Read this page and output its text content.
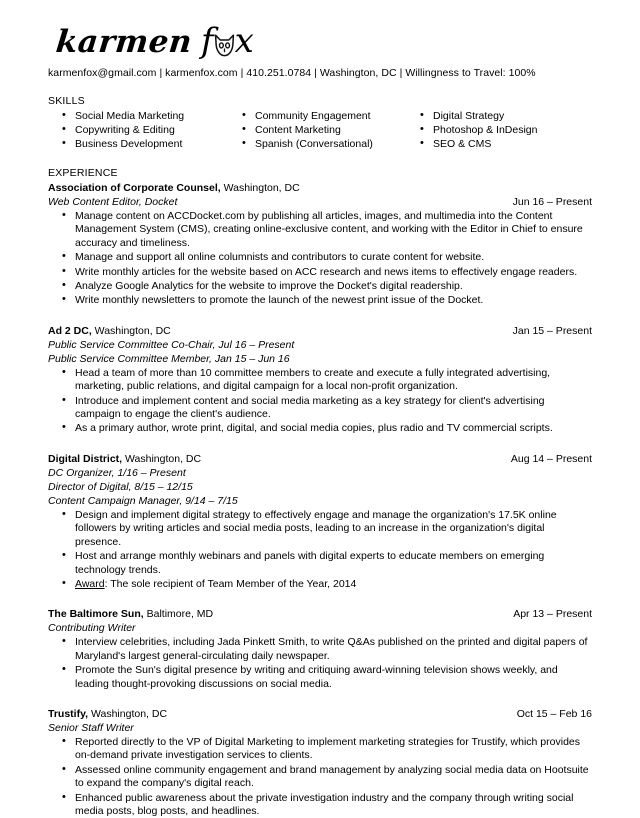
karmen f x
karmenfox@gmail.com | karmenfox.com | 410.251.0784 | Washington, DC | Willingness to Travel: 100%
SKILLS
• Social Media Marketing
• Copywriting & Editing
• Business Development
• Community Engagement
• Content Marketing
• Spanish (Conversational)
• Digital Strategy
• Photoshop & InDesign
• SEO & CMS
EXPERIENCE
Association of Corporate Counsel, Washington, DC
Web Content Editor, Docket	Jun 16 – Present
• Manage content on ACCDocket.com by publishing all articles, images, and multimedia into the Content Management System (CMS), creating online-exclusive content, and working with the Editor in Chief to ensure accuracy and timeliness.
• Manage and support all online columnists and contributors to curate content for website.
• Write monthly articles for the website based on ACC research and news items to effectively engage readers.
• Analyze Google Analytics for the website to improve the Docket's digital readership.
• Write monthly newsletters to promote the launch of the newest print issue of the Docket.
Ad 2 DC, Washington, DC	Jan 15 – Present
Public Service Committee Co-Chair, Jul 16 – Present
Public Service Committee Member, Jan 15 – Jun 16
• Head a team of more than 10 committee members to create and execute a fully integrated advertising, marketing, public relations, and digital campaign for a local non-profit organization.
• Introduce and implement content and social media marketing as a key strategy for client's advertising campaign to engage the client's audience.
• As a primary author, wrote print, digital, and social media copies, plus radio and TV commercial scripts.
Digital District, Washington, DC	Aug 14 – Present
DC Organizer, 1/16 – Present
Director of Digital, 8/15 – 12/15
Content Campaign Manager, 9/14 – 7/15
• Design and implement digital strategy to effectively engage and manage the organization's 17.5K online followers by writing articles and social media posts, leading to an increase in the organization's digital presence.
• Host and arrange monthly webinars and panels with digital experts to educate members on emerging technology trends.
• Award: The sole recipient of Team Member of the Year, 2014
The Baltimore Sun, Baltimore, MD	Apr 13 – Present
Contributing Writer
• Interview celebrities, including Jada Pinkett Smith, to write Q&As published on the printed and digital papers of Maryland's largest general-circulating daily newspaper.
• Promote the Sun's digital presence by writing and critiquing award-winning television shows weekly, and leading thought-provoking discussions on social media.
Trustify, Washington, DC	Oct 15 – Feb 16
Senior Staff Writer
• Reported directly to the VP of Digital Marketing to implement marketing strategies for Trustify, which provides on-demand private investigation services to clients.
• Assessed online community engagement and brand management by analyzing social media data on Hootsuite to expand the company's digital reach.
• Enhanced public awareness about the private investigation industry and the company through writing social media posts, blog posts, and headlines.
